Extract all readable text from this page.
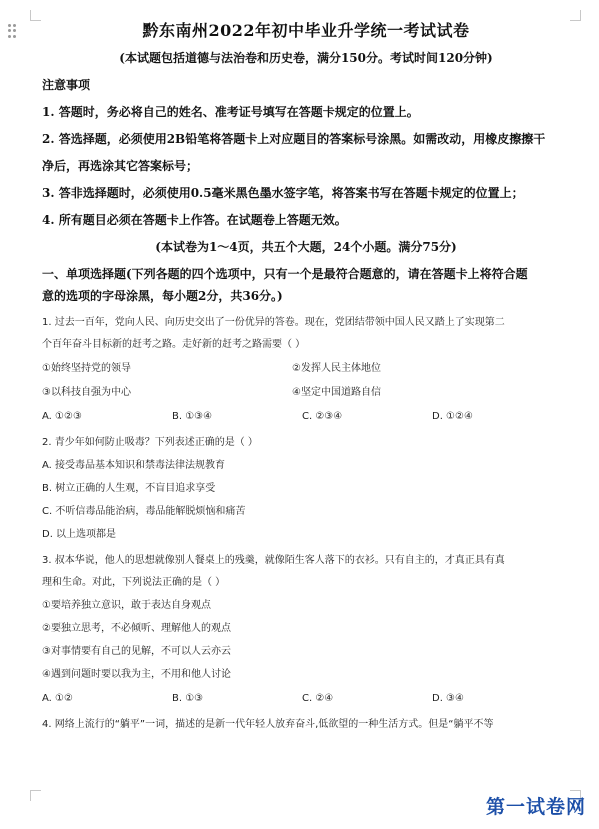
黔东南州2022年初中毕业升学统一考试试卷

(本试题包括道德与法治卷和历史卷，满分150分。考试时间120分钟)

注意事项
1. 答题时，务必将自己的姓名、准考证号填写在答题卡规定的位置上。
2. 答选择题，必须使用2B铅笔将答题卡上对应题目的答案标号涂黑。如需改动，用橡皮擦擦干
净后，再选涂其它答案标号；
3. 答非选择题时，必须使用0.5毫米黑色墨水签字笔，将答案书写在答题卡规定的位置上；
4. 所有题目必须在答题卡上作答。在试题卷上答题无效。
(本试卷为1～4页，共五个大题，24个小题。满分75分)
一、单项选择题(下列各题的四个选项中，只有一个是最符合题意的，请在答题卡上将符合题
意的选项的字母涂黑，每小题2分，共36分。)
1. 过去一百年，党向人民、向历史交出了一份优异的答卷。现在，党团结带领中国人民又踏上了实现第二
个百年奋斗目标新的赶考之路。走好新的赶考之路需要（ ）
①始终坚持党的领导	②发挥人民主体地位
③以科技自强为中心	④坚定中国道路自信
A. ①②③	B. ①③④	C. ②③④	D. ①②④
2. 青少年如何防止吸毒？下列表述正确的是（ ）
A. 接受毒品基本知识和禁毒法律法规教育
B. 树立正确的人生观，不盲目追求享受
C. 不听信毒品能治病，毒品能解脱烦恼和痛苦
D. 以上选项都是
3. 叔本华说，他人的思想就像别人餐桌上的残羹，就像陌生客人落下的衣衫。只有自主的，才真正具有真
理和生命。对此，下列说法正确的是（ ）
①要培养独立意识，敢于表达自身观点
②要独立思考，不必倾听、理解他人的观点
③对事情要有自己的见解，不可以人云亦云
④遇到问题时要以我为主，不用和他人讨论
A. ①②	B. ①③	C. ②④	D. ③④
4. 网络上流行的“躺平”一词，描述的是新一代年轻人放弃奋斗,低欲望的一种生活方式。但是“躺平不等
第一试卷网
